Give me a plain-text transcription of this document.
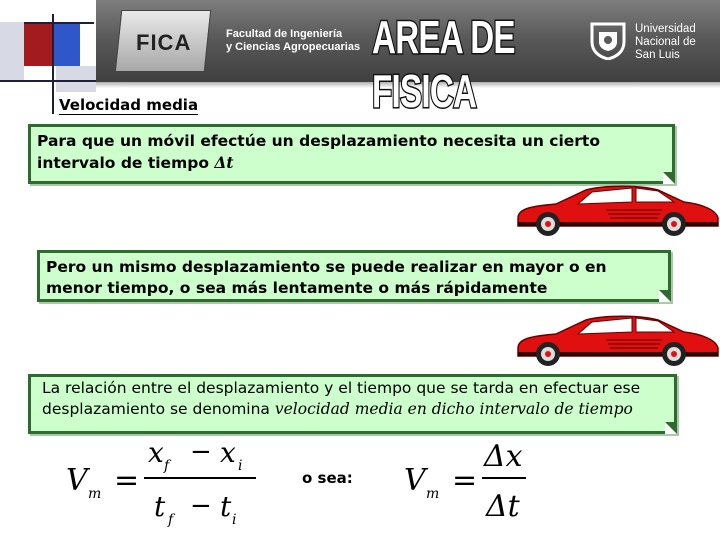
FICA	Facultad de Ingeniería
y Ciencias Agropecuarias AREA DE FISICA
Universidad
Nacional de
San Luis
Velocidad media
Para que un móvil efectúe un desplazamiento necesita un cierto intervalo de tiempo Δt
Pero un mismo desplazamiento se puede realizar en mayor o en menor tiempo, o sea más lentamente o más rápidamente
La relación entre el desplazamiento y el tiempo que se tarda en efectuar ese desplazamiento se denomina velocidad media en dicho intervalo de tiempo
V m =
x f − x i
t f − t i
o sea: V m =
Δx
Δt
